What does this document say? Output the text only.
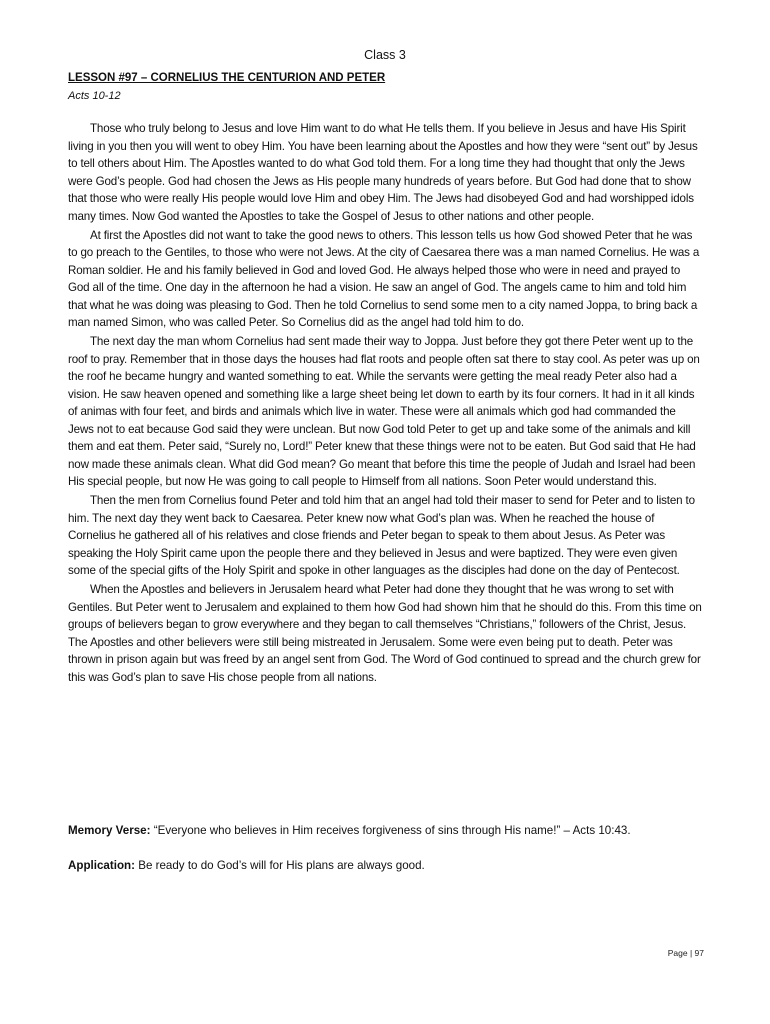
Class 3
LESSON #97 – CORNELIUS THE CENTURION AND PETER
Acts 10-12

Those who truly belong to Jesus and love Him want to do what He tells them. If you believe in Jesus and have His Spirit living in you then you will went to obey Him. You have been learning about the Apostles and how they were “sent out” by Jesus to tell others about Him. The Apostles wanted to do what God told them. For a long time they had thought that only the Jews were God’s people. God had chosen the Jews as His people many hundreds of years before. But God had done that to show that those who were really His people would love Him and obey Him. The Jews had disobeyed God and had worshipped idols many times. Now God wanted the Apostles to take the Gospel of Jesus to other nations and other people.

At first the Apostles did not want to take the good news to others. This lesson tells us how God showed Peter that he was to go preach to the Gentiles, to those who were not Jews. At the city of Caesarea there was a man named Cornelius. He was a Roman soldier. He and his family believed in God and loved God. He always helped those who were in need and prayed to God all of the time. One day in the afternoon he had a vision. He saw an angel of God. The angels came to him and told him that what he was doing was pleasing to God. Then he told Cornelius to send some men to a city named Joppa, to bring back a man named Simon, who was called Peter. So Cornelius did as the angel had told him to do.

The next day the man whom Cornelius had sent made their way to Joppa. Just before they got there Peter went up to the roof to pray. Remember that in those days the houses had flat roots and people often sat there to stay cool. As peter was up on the roof he became hungry and wanted something to eat. While the servants were getting the meal ready Peter also had a vision. He saw heaven opened and something like a large sheet being let down to earth by its four corners. It had in it all kinds of animas with four feet, and birds and animals which live in water. These were all animals which god had commanded the Jews not to eat because God said they were unclean. But now God told Peter to get up and take some of the animals and kill them and eat them. Peter said, “Surely no, Lord!” Peter knew that these things were not to be eaten. But God said that He had now made these animals clean. What did God mean? Go meant that before this time the people of Judah and Israel had been His special people, but now He was going to call people to Himself from all nations. Soon Peter would understand this.

Then the men from Cornelius found Peter and told him that an angel had told their maser to send for Peter and to listen to him. The next day they went back to Caesarea. Peter knew now what God’s plan was. When he reached the house of Cornelius he gathered all of his relatives and close friends and Peter began to speak to them about Jesus. As Peter was speaking the Holy Spirit came upon the people there and they believed in Jesus and were baptized. They were even given some of the special gifts of the Holy Spirit and spoke in other languages as the disciples had done on the day of Pentecost.

When the Apostles and believers in Jerusalem heard what Peter had done they thought that he was wrong to set with Gentiles. But Peter went to Jerusalem and explained to them how God had shown him that he should do this. From this time on groups of believers began to grow everywhere and they began to call themselves “Christians,” followers of the Christ, Jesus. The Apostles and other believers were still being mistreated in Jerusalem. Some were even being put to death. Peter was thrown in prison again but was freed by an angel sent from God. The Word of God continued to spread and the church grew for this was God’s plan to save His chose people from all nations.

Memory Verse: “Everyone who believes in Him receives forgiveness of sins through His name!” – Acts 10:43.
Application: Be ready to do God’s will for His plans are always good.
Page | 97
